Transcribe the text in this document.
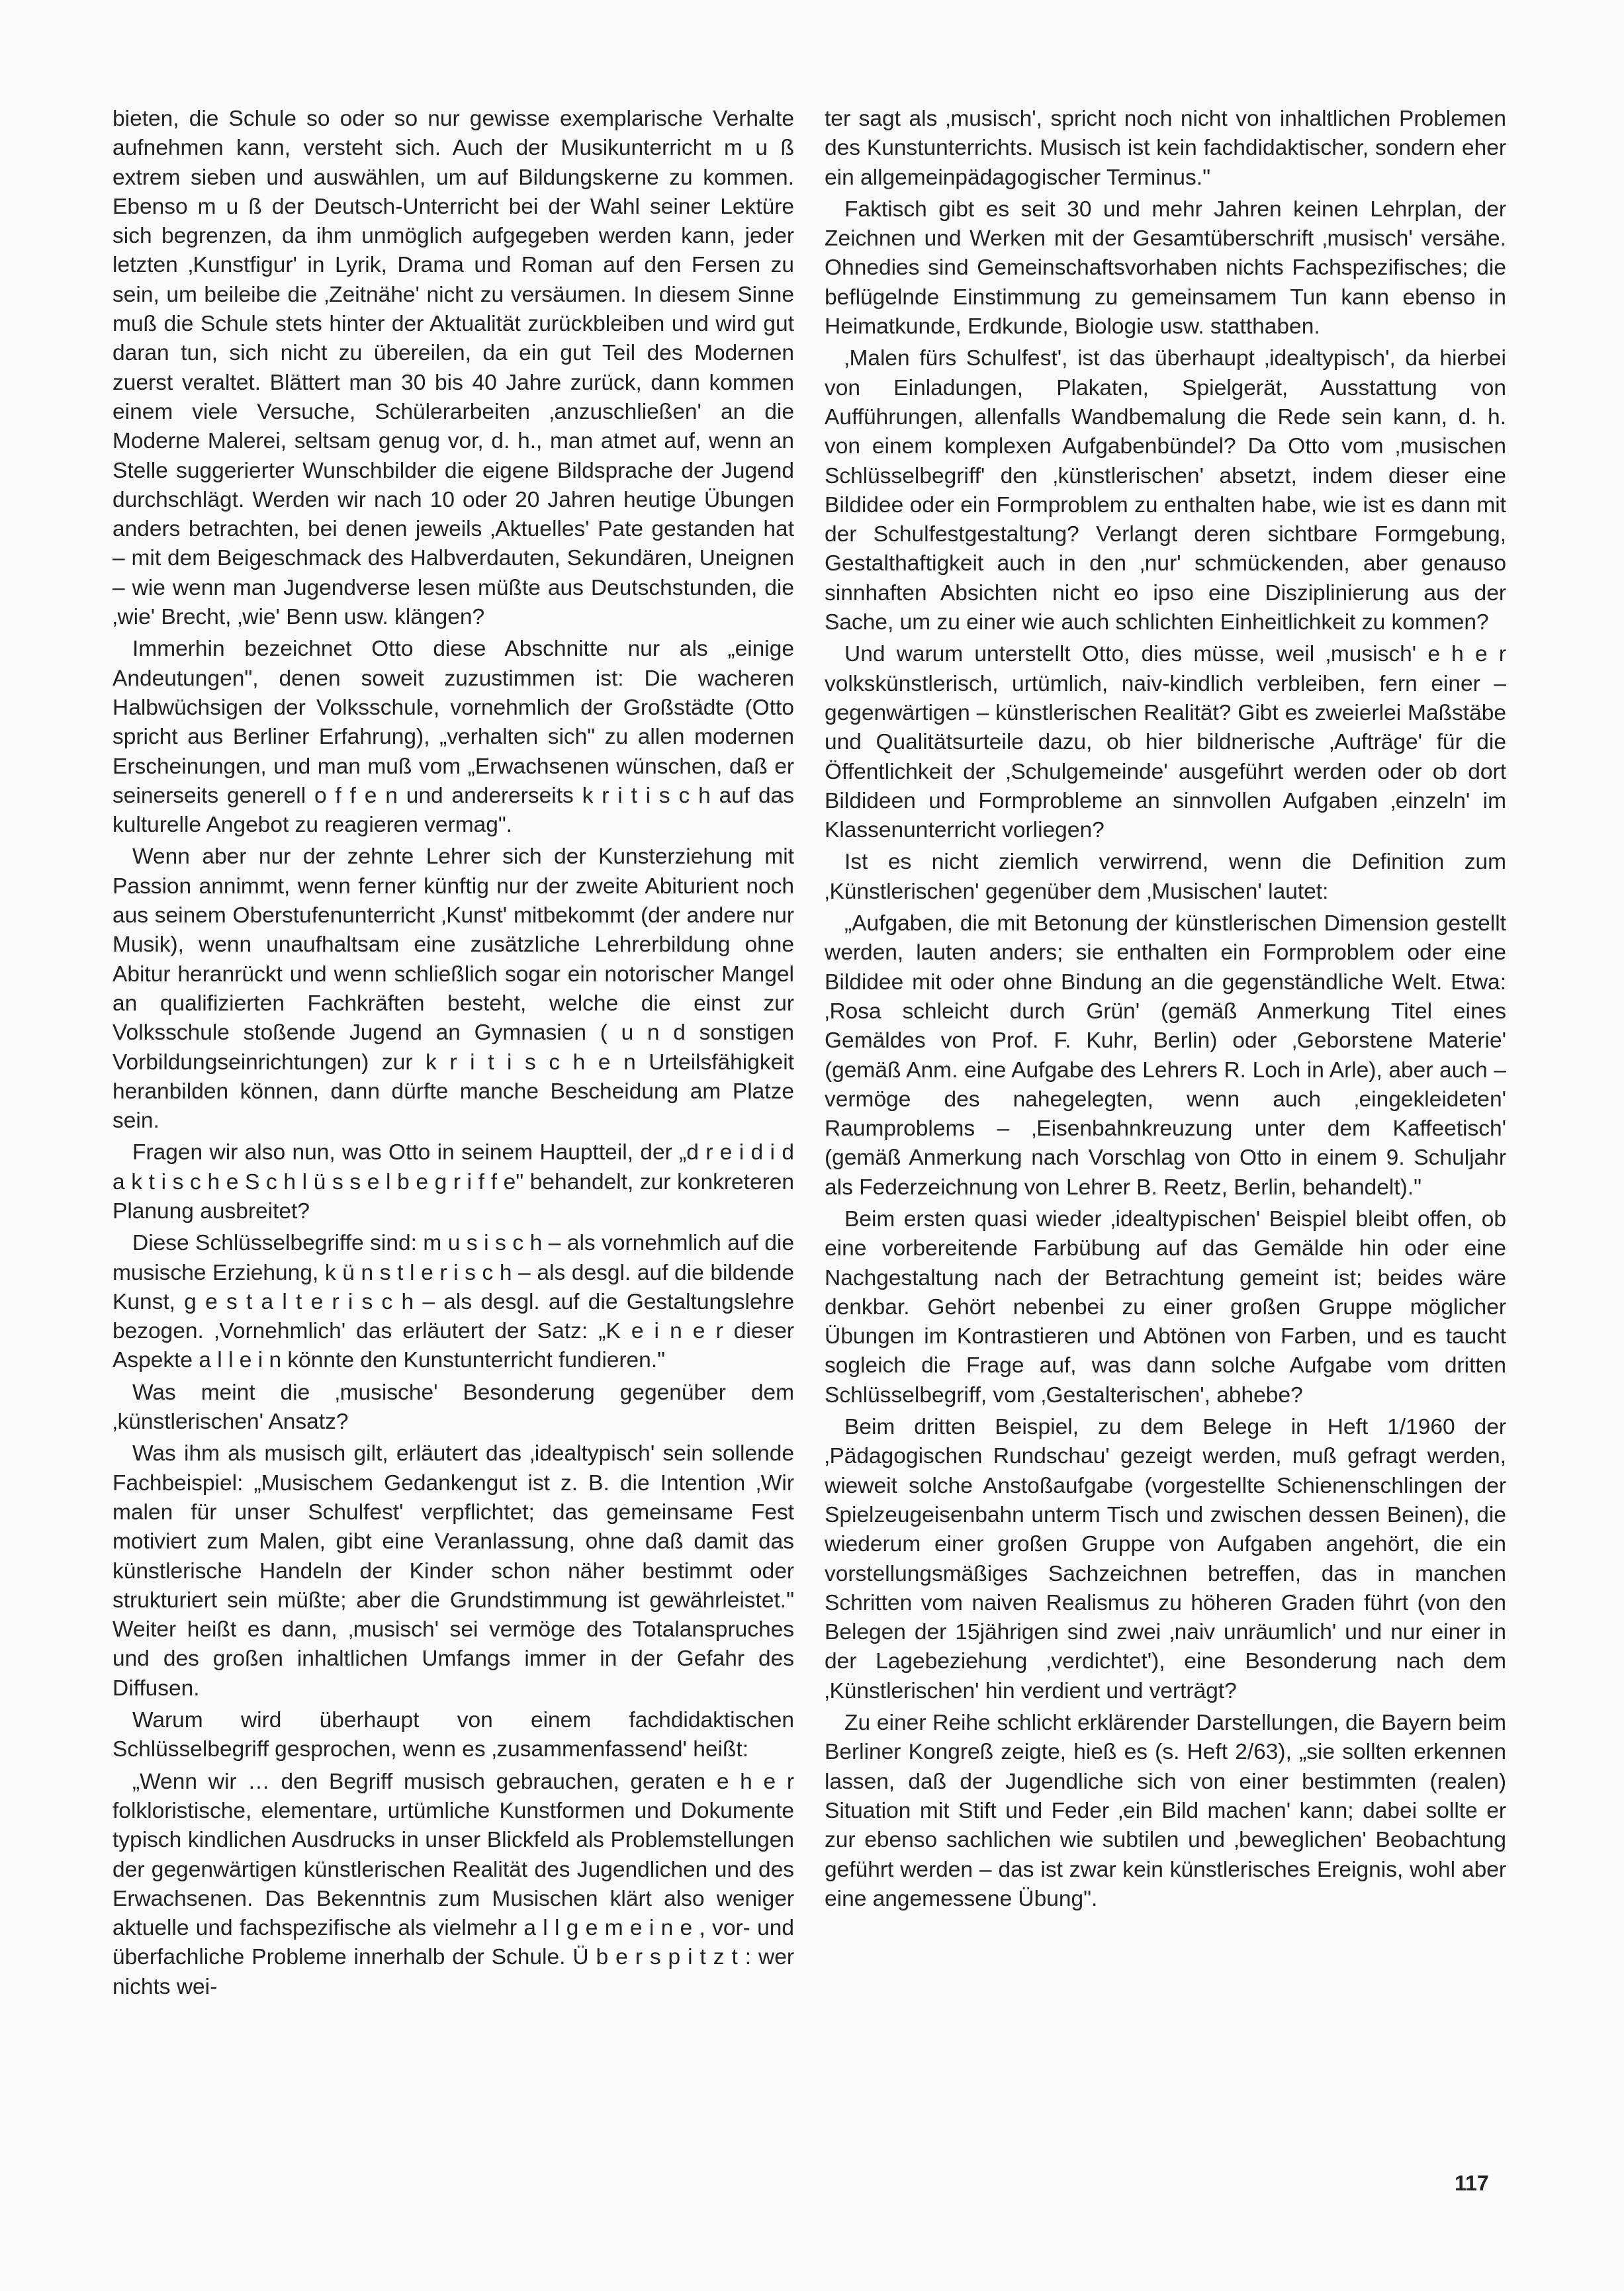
bieten, die Schule so oder so nur gewisse exemplarische Verhalte aufnehmen kann, versteht sich. Auch der Musikunterricht m u ß extrem sieben und auswählen, um auf Bildungskerne zu kommen. Ebenso m u ß der Deutsch-Unterricht bei der Wahl seiner Lektüre sich begrenzen, da ihm unmöglich aufgegeben werden kann, jeder letzten ‚Kunstfigur' in Lyrik, Drama und Roman auf den Fersen zu sein, um beileibe die ‚Zeitnähe' nicht zu versäumen. In diesem Sinne muß die Schule stets hinter der Aktualität zurückbleiben und wird gut daran tun, sich nicht zu übereilen, da ein gut Teil des Modernen zuerst veraltet. Blättert man 30 bis 40 Jahre zurück, dann kommen einem viele Versuche, Schülerarbeiten ‚anzuschließen' an die Moderne Malerei, seltsam genug vor, d. h., man atmet auf, wenn an Stelle suggerierter Wunschbilder die eigene Bildsprache der Jugend durchschlägt. Werden wir nach 10 oder 20 Jahren heutige Übungen anders betrachten, bei denen jeweils ‚Aktuelles' Pate gestanden hat – mit dem Beigeschmack des Halbverdauten, Sekundären, Uneignen – wie wenn man Jugendverse lesen müßte aus Deutschstunden, die ‚wie' Brecht, ‚wie' Benn usw. klängen?

Immerhin bezeichnet Otto diese Abschnitte nur als „einige Andeutungen", denen soweit zuzustimmen ist: Die wacheren Halbwüchsigen der Volksschule, vornehmlich der Großstädte (Otto spricht aus Berliner Erfahrung), „verhalten sich" zu allen modernen Erscheinungen, und man muß vom „Erwachsenen wünschen, daß er seinerseits generell o f f e n und andererseits k r i t i s c h auf das kulturelle Angebot zu reagieren vermag".

Wenn aber nur der zehnte Lehrer sich der Kunsterziehung mit Passion annimmt, wenn ferner künftig nur der zweite Abiturient noch aus seinem Oberstufenunterricht ‚Kunst' mitbekommt (der andere nur Musik), wenn unaufhaltsam eine zusätzliche Lehrerbildung ohne Abitur heranrückt und wenn schließlich sogar ein notorischer Mangel an qualifizierten Fachkräften besteht, welche die einst zur Volksschule stoßende Jugend an Gymnasien ( u n d sonstigen Vorbildungseinrichtungen) zur k r i t i s c h e n Urteilsfähigkeit heranbilden können, dann dürfte manche Bescheidung am Platze sein.

Fragen wir also nun, was Otto in seinem Hauptteil, der „d r e i d i d a k t i s c h e S c h l ü s s e l b e g r i f f e" behandelt, zur konkreteren Planung ausbreitet?

Diese Schlüsselbegriffe sind: m u s i s c h – als vornehmlich auf die musische Erziehung, k ü n s t l e r i s c h – als desgl. auf die bildende Kunst, g e s t a l t e r i s c h – als desgl. auf die Gestaltungslehre bezogen. ‚Vornehmlich' das erläutert der Satz: „K e i n e r dieser Aspekte a l l e i n könnte den Kunstunterricht fundieren."

Was meint die ‚musische' Besonderung gegenüber dem ‚künstlerischen' Ansatz?

Was ihm als musisch gilt, erläutert das ‚idealtypisch' sein sollende Fachbeispiel: „Musischem Gedankengut ist z. B. die Intention ‚Wir malen für unser Schulfest' verpflichtet; das gemeinsame Fest motiviert zum Malen, gibt eine Veranlassung, ohne daß damit das künstlerische Handeln der Kinder schon näher bestimmt oder strukturiert sein müßte; aber die Grundstimmung ist gewährleistet." Weiter heißt es dann, ‚musisch' sei vermöge des Totalanspruches und des großen inhaltlichen Umfangs immer in der Gefahr des Diffusen.

Warum wird überhaupt von einem fachdidaktischen Schlüsselbegriff gesprochen, wenn es ‚zusammenfassend' heißt:

„Wenn wir … den Begriff musisch gebrauchen, geraten e h e r folkloristische, elementare, urtümliche Kunstformen und Dokumente typisch kindlichen Ausdrucks in unser Blickfeld als Problemstellungen der gegenwärtigen künstlerischen Realität des Jugendlichen und des Erwachsenen. Das Bekenntnis zum Musischen klärt also weniger aktuelle und fachspezifische als vielmehr a l l g e m e i n e , vor- und überfachliche Probleme innerhalb der Schule. Ü b e r s p i t z t : wer nichts wei-

ter sagt als ‚musisch', spricht noch nicht von inhaltlichen Problemen des Kunstunterrichts. Musisch ist kein fachdidaktischer, sondern eher ein allgemeinpädagogischer Terminus."

Faktisch gibt es seit 30 und mehr Jahren keinen Lehrplan, der Zeichnen und Werken mit der Gesamtüberschrift ‚musisch' versähe. Ohnedies sind Gemeinschaftsvorhaben nichts Fachspezifisches; die beflügelnde Einstimmung zu gemeinsamem Tun kann ebenso in Heimatkunde, Erdkunde, Biologie usw. statthaben.

‚Malen fürs Schulfest', ist das überhaupt ‚idealtypisch', da hierbei von Einladungen, Plakaten, Spielgerät, Ausstattung von Aufführungen, allenfalls Wandbemalung die Rede sein kann, d. h. von einem komplexen Aufgabenbündel? Da Otto vom ‚musischen Schlüsselbegriff' den ‚künstlerischen' absetzt, indem dieser eine Bildidee oder ein Formproblem zu enthalten habe, wie ist es dann mit der Schulfestgestaltung? Verlangt deren sichtbare Formgebung, Gestalthaftigkeit auch in den ‚nur' schmückenden, aber genauso sinnhaften Absichten nicht eo ipso eine Disziplinierung aus der Sache, um zu einer wie auch schlichten Einheitlichkeit zu kommen?

Und warum unterstellt Otto, dies müsse, weil ‚musisch' e h e r volkskünstlerisch, urtümlich, naiv-kindlich verbleiben, fern einer – gegenwärtigen – künstlerischen Realität? Gibt es zweierlei Maßstäbe und Qualitätsurteile dazu, ob hier bildnerische ‚Aufträge' für die Öffentlichkeit der ‚Schulgemeinde' ausgeführt werden oder ob dort Bildideen und Formprobleme an sinnvollen Aufgaben ‚einzeln' im Klassenunterricht vorliegen?

Ist es nicht ziemlich verwirrend, wenn die Definition zum ‚Künstlerischen' gegenüber dem ‚Musischen' lautet:

„Aufgaben, die mit Betonung der künstlerischen Dimension gestellt werden, lauten anders; sie enthalten ein Formproblem oder eine Bildidee mit oder ohne Bindung an die gegenständliche Welt. Etwa: ‚Rosa schleicht durch Grün' (gemäß Anmerkung Titel eines Gemäldes von Prof. F. Kuhr, Berlin) oder ‚Geborstene Materie' (gemäß Anm. eine Aufgabe des Lehrers R. Loch in Arle), aber auch – vermöge des nahegelegten, wenn auch ‚eingekleideten' Raumproblems – ‚Eisenbahnkreuzung unter dem Kaffeetisch' (gemäß Anmerkung nach Vorschlag von Otto in einem 9. Schuljahr als Federzeichnung von Lehrer B. Reetz, Berlin, behandelt)."

Beim ersten quasi wieder ‚idealtypischen' Beispiel bleibt offen, ob eine vorbereitende Farbübung auf das Gemälde hin oder eine Nachgestaltung nach der Betrachtung gemeint ist; beides wäre denkbar. Gehört nebenbei zu einer großen Gruppe möglicher Übungen im Kontrastieren und Abtönen von Farben, und es taucht sogleich die Frage auf, was dann solche Aufgabe vom dritten Schlüsselbegriff, vom ‚Gestalterischen', abhebe?

Beim dritten Beispiel, zu dem Belege in Heft 1/1960 der ‚Pädagogischen Rundschau' gezeigt werden, muß gefragt werden, wieweit solche Anstoßaufgabe (vorgestellte Schienenschlingen der Spielzeugeisenbahn unterm Tisch und zwischen dessen Beinen), die wiederum einer großen Gruppe von Aufgaben angehört, die ein vorstellungsmäßiges Sachzeichnen betreffen, das in manchen Schritten vom naiven Realismus zu höheren Graden führt (von den Belegen der 15jährigen sind zwei ‚naiv unräumlich' und nur einer in der Lagebeziehung ‚verdichtet'), eine Besonderung nach dem ‚Künstlerischen' hin verdient und verträgt?

Zu einer Reihe schlicht erklärender Darstellungen, die Bayern beim Berliner Kongreß zeigte, hieß es (s. Heft 2/63), „sie sollten erkennen lassen, daß der Jugendliche sich von einer bestimmten (realen) Situation mit Stift und Feder ‚ein Bild machen' kann; dabei sollte er zur ebenso sachlichen wie subtilen und ‚beweglichen' Beobachtung geführt werden – das ist zwar kein künstlerisches Ereignis, wohl aber eine angemessene Übung".

117
